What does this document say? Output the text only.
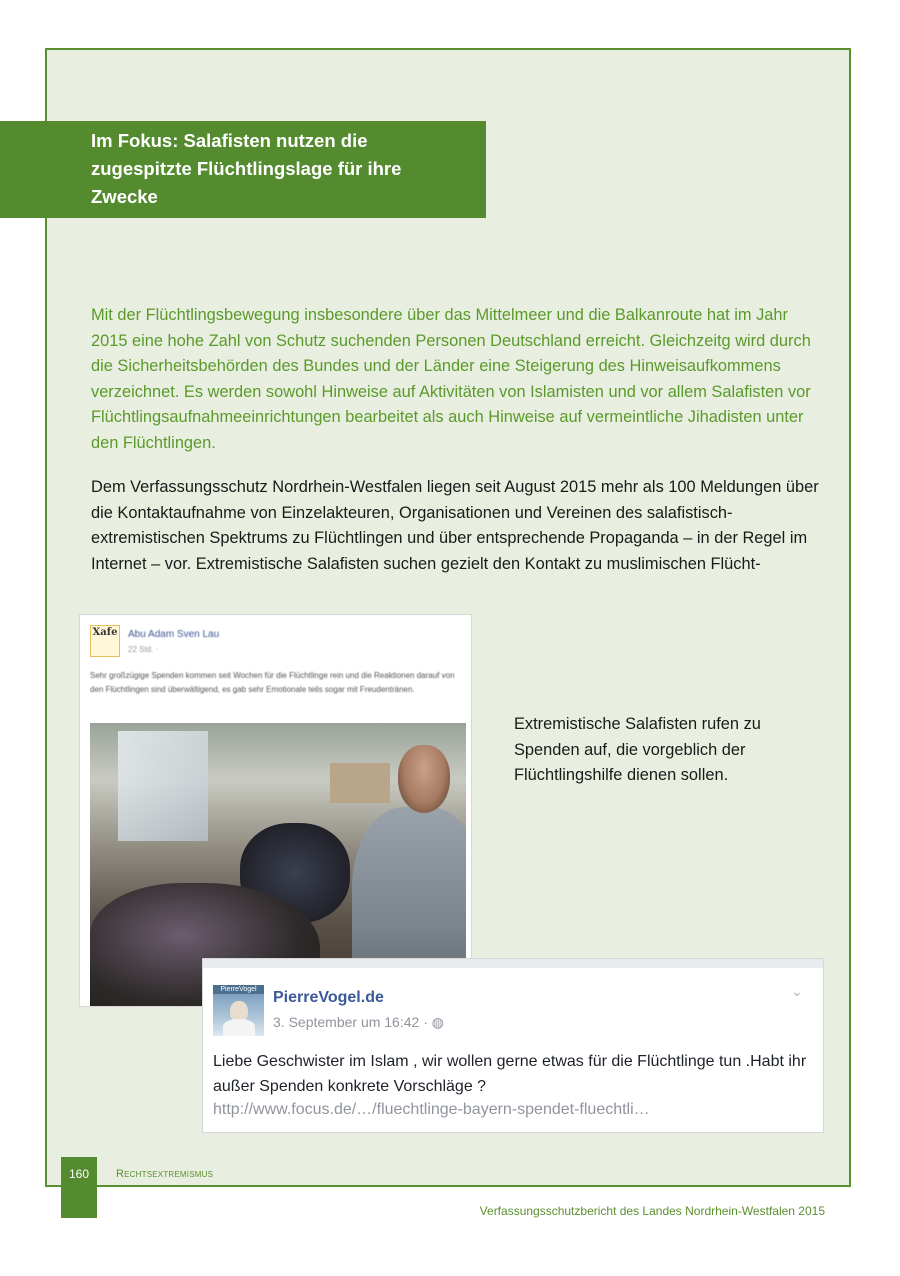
Im Fokus: Salafisten nutzen die zugespitzte Flüchtlingslage für ihre Zwecke

Mit der Flüchtlingsbewegung insbesondere über das Mittelmeer und die Balkanroute hat im Jahr 2015 eine hohe Zahl von Schutz suchenden Personen Deutschland erreicht. Gleichzeitg wird durch die Sicherheitsbehörden des Bundes und der Länder eine Steigerung des Hinweisaufkommens verzeichnet. Es werden sowohl Hinweise auf Aktivitäten von Islamisten und vor allem Salafisten vor Flüchtlingsaufnahmeeinrichtungen bearbeitet als auch Hinweise auf vermeintliche Jihadisten unter den Flüchtlingen.

Dem Verfassungsschutz Nordrhein-Westfalen liegen seit August 2015 mehr als 100 Meldungen über die Kontaktaufnahme von Einzelakteuren, Organisationen und Vereinen des salafistisch-extremistischen Spektrums zu Flüchtlingen und über entsprechende Propaganda – in der Regel im Internet – vor. Extremistische Salafisten suchen gezielt den Kontakt zu muslimischen Flücht-

Xafe Abu Adam Sven Lau
22 Std. ·

Sehr großzügige Spenden kommen seit Wochen für die Flüchtlinge rein und die Reaktionen darauf von den Flüchtlingen sind überwältigend, es gab sehr Emotionale teils sogar mit Freudentränen.

Extremistische Salafisten rufen zu Spenden auf, die vorgeblich der Flüchtlingshilfe dienen sollen.

PierreVogel	PierreVogel.de
3. September um 16:42 · ◍
⌄

Liebe Geschwister im Islam , wir wollen gerne etwas für die Flüchtlinge tun .Habt ihr außer Spenden konkrete Vorschläge ?

http://www.focus.de/…/fluechtlinge-bayern-spendet-fluechtli…
160	Rechtsextremismus
Verfassungsschutzbericht des Landes Nordrhein-Westfalen 2015
